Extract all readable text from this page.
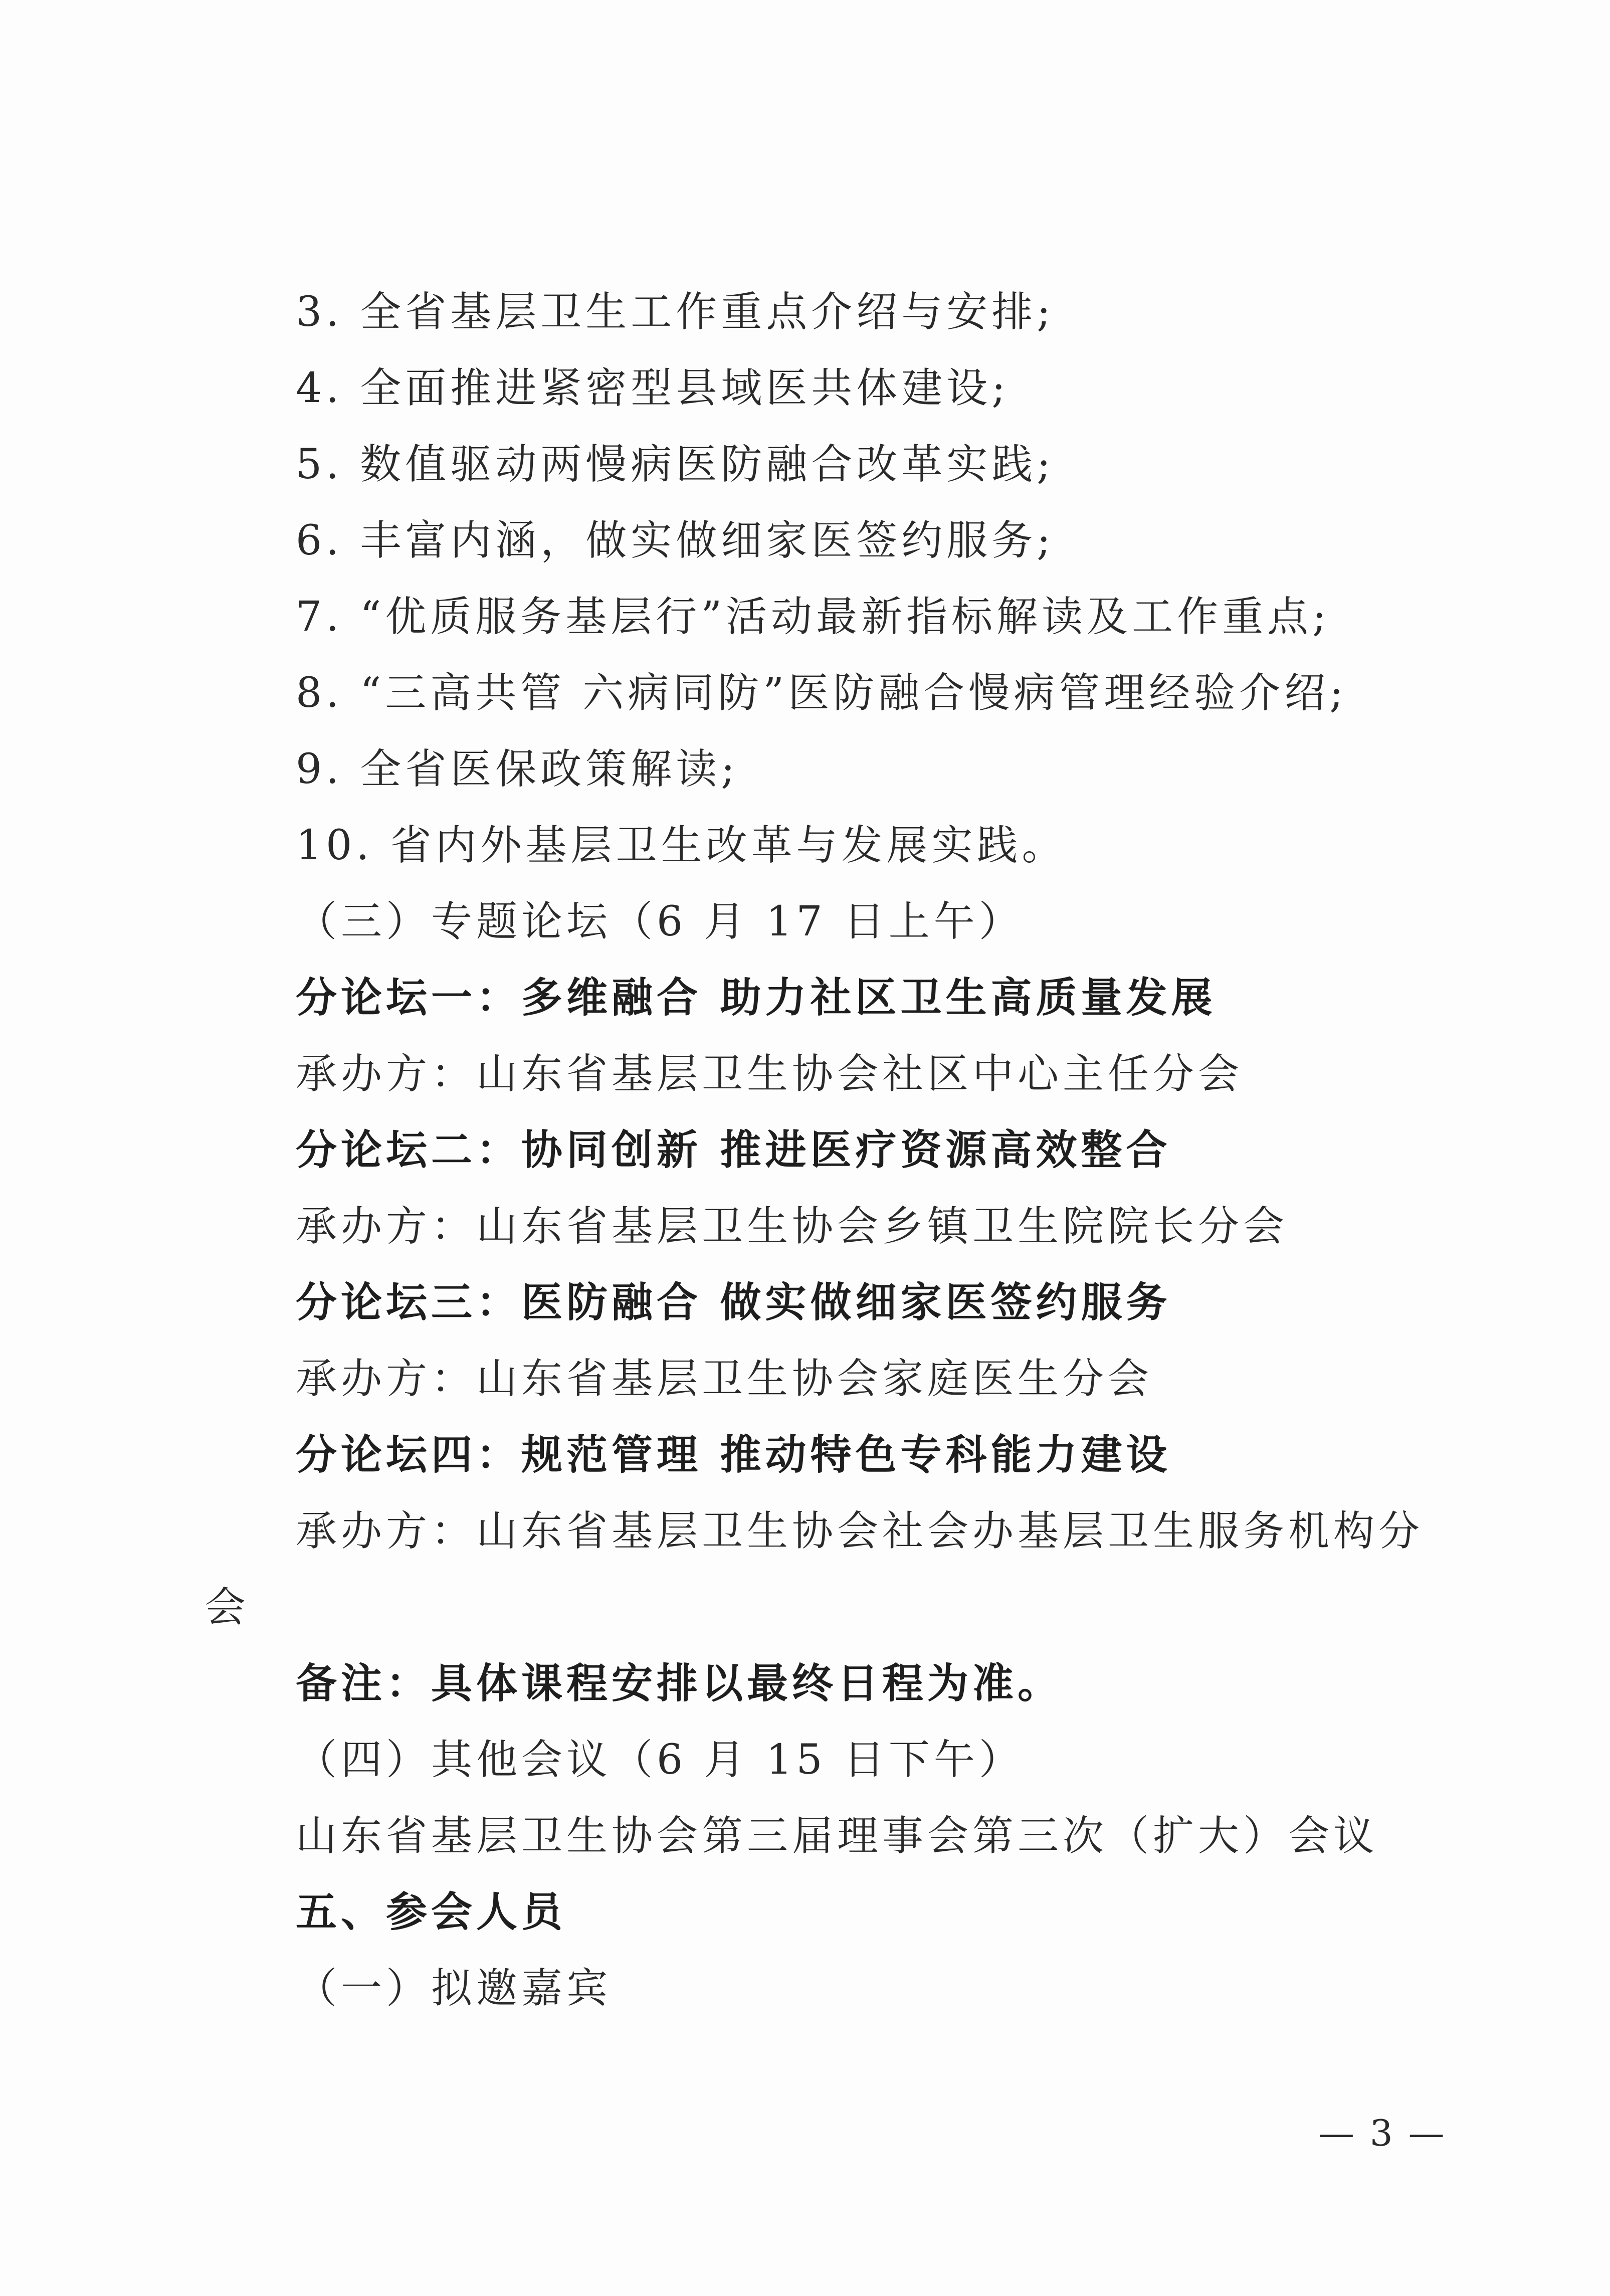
3. 全省基层卫生工作重点介绍与安排;
4. 全面推进紧密型县域医共体建设;
5. 数值驱动两慢病医防融合改革实践;
6. 丰富内涵，做实做细家医签约服务;
7. “优质服务基层行”活动最新指标解读及工作重点;
8. “三高共管 六病同防”医防融合慢病管理经验介绍;
9. 全省医保政策解读;
10. 省内外基层卫生改革与发展实践。
（三）专题论坛（6 月 17 日上午）
分论坛一：多维融合 助力社区卫生高质量发展
承办方：山东省基层卫生协会社区中心主任分会
分论坛二：协同创新 推进医疗资源高效整合
承办方：山东省基层卫生协会乡镇卫生院院长分会
分论坛三：医防融合 做实做细家医签约服务
承办方：山东省基层卫生协会家庭医生分会
分论坛四：规范管理 推动特色专科能力建设
承办方：山东省基层卫生协会社会办基层卫生服务机构分
会
备注：具体课程安排以最终日程为准。
（四）其他会议（6 月 15 日下午）
山东省基层卫生协会第三届理事会第三次（扩大）会议
五、参会人员
（一）拟邀嘉宾
— 3 —
